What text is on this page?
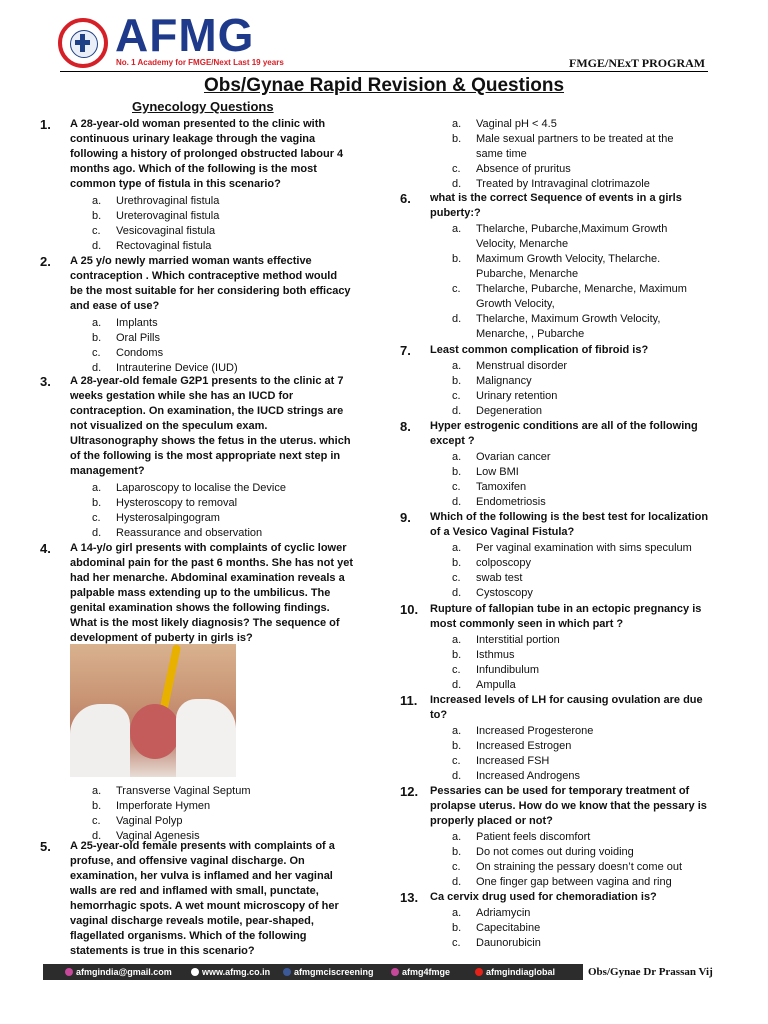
AFMG
No. 1 Academy for FMGE/Next Last 19 years	FMGE/NExT PROGRAM
Obs/Gynae Rapid Revision & Questions
Gynecology Questions
1. A 28-year-old woman presented to the clinic with
continuous urinary leakage through the vagina
following a history of prolonged obstructed labour 4
months ago. Which of the following is the most
common type of fistula in this scenario?
a. Urethrovaginal fistula
b. Ureterovaginal fistula
c. Vesicovaginal fistula
d. Rectovaginal fistula
2. A 25 y/o newly married woman wants effective
contraception . Which contraceptive method would
be the most suitable for her considering both efficacy
and ease of use?
a. Implants
b. Oral Pills
c. Condoms
d. Intrauterine Device (IUD)
3. A 28-year-old female G2P1 presents to the clinic at 7
weeks gestation while she has an IUCD for
contraception. On examination, the IUCD strings are
not visualized on the speculum exam.
Ultrasonography shows the fetus in the uterus. which
of the following is the most appropriate next step in
management?
a. Laparoscopy to localise the Device
b. Hysteroscopy to removal
c. Hysterosalpingogram
d. Reassurance and observation
4. A 14-y/o girl presents with complaints of cyclic lower
abdominal pain for the past 6 months. She has not yet
had her menarche. Abdominal examination reveals a
palpable mass extending up to the umbilicus. The
genital examination shows the following findings.
What is the most likely diagnosis? The sequence of
development of puberty in girls is?
a. Transverse Vaginal Septum
b. Imperforate Hymen
c. Vaginal Polyp
d. Vaginal Agenesis
5. A 25-year-old female presents with complaints of a
profuse, and offensive vaginal discharge. On
examination, her vulva is inflamed and her vaginal
walls are red and inflamed with small, punctate,
hemorrhagic spots. A wet mount microscopy of her
vaginal discharge reveals motile, pear-shaped,
flagellated organisms. Which of the following
statements is true in this scenario?
a. Vaginal pH < 4.5
b. Male sexual partners to be treated at the
same time
c. Absence of pruritus
d. Treated by Intravaginal clotrimazole
6. what is the correct Sequence of events in a girls
puberty:?
a. Thelarche, Pubarche,Maximum Growth
Velocity, Menarche
b. Maximum Growth Velocity, Thelarche.
Pubarche, Menarche
c. Thelarche, Pubarche, Menarche, Maximum
Growth Velocity,
d. Thelarche, Maximum Growth Velocity,
Menarche, , Pubarche
7. Least common complication of fibroid is?
a. Menstrual disorder
b. Malignancy
c. Urinary retention
d. Degeneration
8. Hyper estrogenic conditions are all of the following
except ?
a. Ovarian cancer
b. Low BMI
c. Tamoxifen
d. Endometriosis
9. Which of the following is the best test for localization
of a Vesico Vaginal Fistula?
a. Per vaginal examination with sims speculum
b. colposcopy
c. swab test
d. Cystoscopy
10. Rupture of fallopian tube in an ectopic pregnancy is
most commonly seen in which part ?
a. Interstitial portion
b. Isthmus
c. Infundibulum
d. Ampulla
11. Increased levels of LH for causing ovulation are due
to?
a. Increased Progesterone
b. Increased Estrogen
c. Increased FSH
d. Increased Androgens
12. Pessaries can be used for temporary treatment of
prolapse uterus. How do we know that the pessary is
properly placed or not?
a. Patient feels discomfort
b. Do not comes out during voiding
c. On straining the pessary doesn’t come out
d. One finger gap between vagina and ring
13. Ca cervix drug used for chemoradiation is?
a. Adriamycin
b. Capecitabine
c. Daunorubicin
afmgindia@gmail.com	www.afmg.co.in	afmgmciscreening	afmg4fmge	afmgindiaglobal	Obs/Gynae Dr Prassan Vij
